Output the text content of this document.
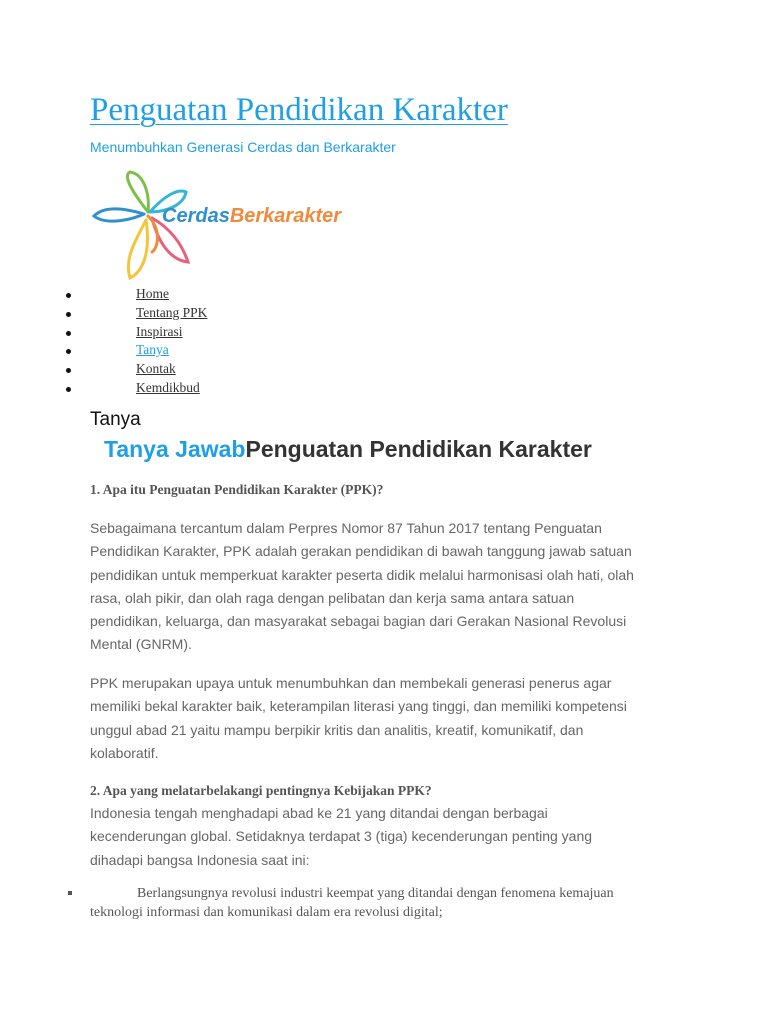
Penguatan Pendidikan Karakter

Menumbuhkan Generasi Cerdas dan Berkarakter

CerdasBerkarakter
Home
Tentang PPK
Inspirasi
Tanya
Kontak
Kemdikbud
Tanya
Tanya JawabPenguatan Pendidikan Karakter

1. Apa itu Penguatan Pendidikan Karakter (PPK)?

Sebagaimana tercantum dalam Perpres Nomor 87 Tahun 2017 tentang Penguatan
Pendidikan Karakter, PPK adalah gerakan pendidikan di bawah tanggung jawab satuan
pendidikan untuk memperkuat karakter peserta didik melalui harmonisasi olah hati, olah
rasa, olah pikir, dan olah raga dengan pelibatan dan kerja sama antara satuan
pendidikan, keluarga, dan masyarakat sebagai bagian dari Gerakan Nasional Revolusi
Mental (GNRM).
PPK merupakan upaya untuk menumbuhkan dan membekali generasi penerus agar
memiliki bekal karakter baik, keterampilan literasi yang tinggi, dan memiliki kompetensi
unggul abad 21 yaitu mampu berpikir kritis dan analitis, kreatif, komunikatif, dan
kolaboratif.

2. Apa yang melatarbelakangi pentingnya Kebijakan PPK?

Indonesia tengah menghadapi abad ke 21 yang ditandai dengan berbagai
kecenderungan global. Setidaknya terdapat 3 (tiga) kecenderungan penting yang
dihadapi bangsa Indonesia saat ini:
Berlangsungnya revolusi industri keempat yang ditandai dengan fenomena kemajuan
teknologi informasi dan komunikasi dalam era revolusi digital;
